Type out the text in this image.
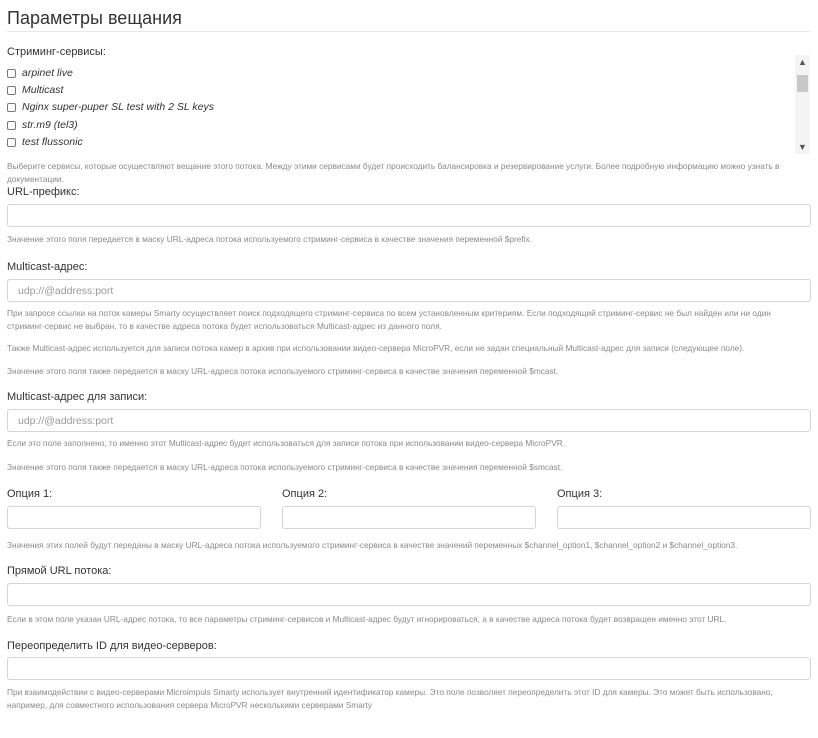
Параметры вещания
Стриминг-сервисы:
arpinet live
Multicast
Nginx super-puper SL test with 2 SL keys
str.m9 (tel3)
test flussonic
▲
▼
Выберите сервисы, которые осуществляют вещание этого потока. Между этими сервисами будет происходить балансировка и резервирование услуги. Более подробную информацию можно узнать в документации.
URL-префикс:
Значение этого поля передается в маску URL-адреса потока используемого стриминг-сервиса в качестве значения переменной $prefix.
Multicast-адрес:
udp://@address:port
При запросе ссылки на поток камеры Smarty осуществляет поиск подходящего стриминг-сервиса по всем установленным критериям. Если подходящий стриминг-сервис не был найден или ни один стриминг-сервис не выбран, то в качестве адреса потока будет использоваться Multicast-адрес из данного поля.
Также Multicast-адрес используется для записи потока камер в архив при использовании видео-сервера MicroPVR, если не задан специальный Multicast-адрес для записи (следующее поле).
Значение этого поля также передается в маску URL-адреса потока используемого стриминг-сервиса в качестве значения переменной $mcast.
Multicast-адрес для записи:
udp://@address:port
Если это поле заполнено, то именно этот Multicast-адрес будет использоваться для записи потока при использовании видео-сервера MicroPVR.
Значение этого поля также передается в маску URL-адреса потока используемого стриминг-сервиса в качестве значения переменной $smcast.
Опция 1:	Опция 2:	Опция 3:
Значения этих полей будут переданы в маску URL-адреса потока используемого стриминг-сервиса в качестве значений переменных $channel_option1, $channel_option2 и $channel_option3.
Прямой URL потока:
Если в этом поле указан URL-адрес потока, то все параметры стриминг-сервисов и Multicast-адрес будут игнорироваться, а в качестве адреса потока будет возвращен именно этот URL.
Переопределить ID для видео-серверов:
При взаимодействии с видео-серверами Microimpuls Smarty использует внутренний идентификатор камеры. Это поле позволяет переопределить этот ID для камеры. Это может быть использовано, например, для совместного использования сервера MicroPVR несколькими серверами Smarty
